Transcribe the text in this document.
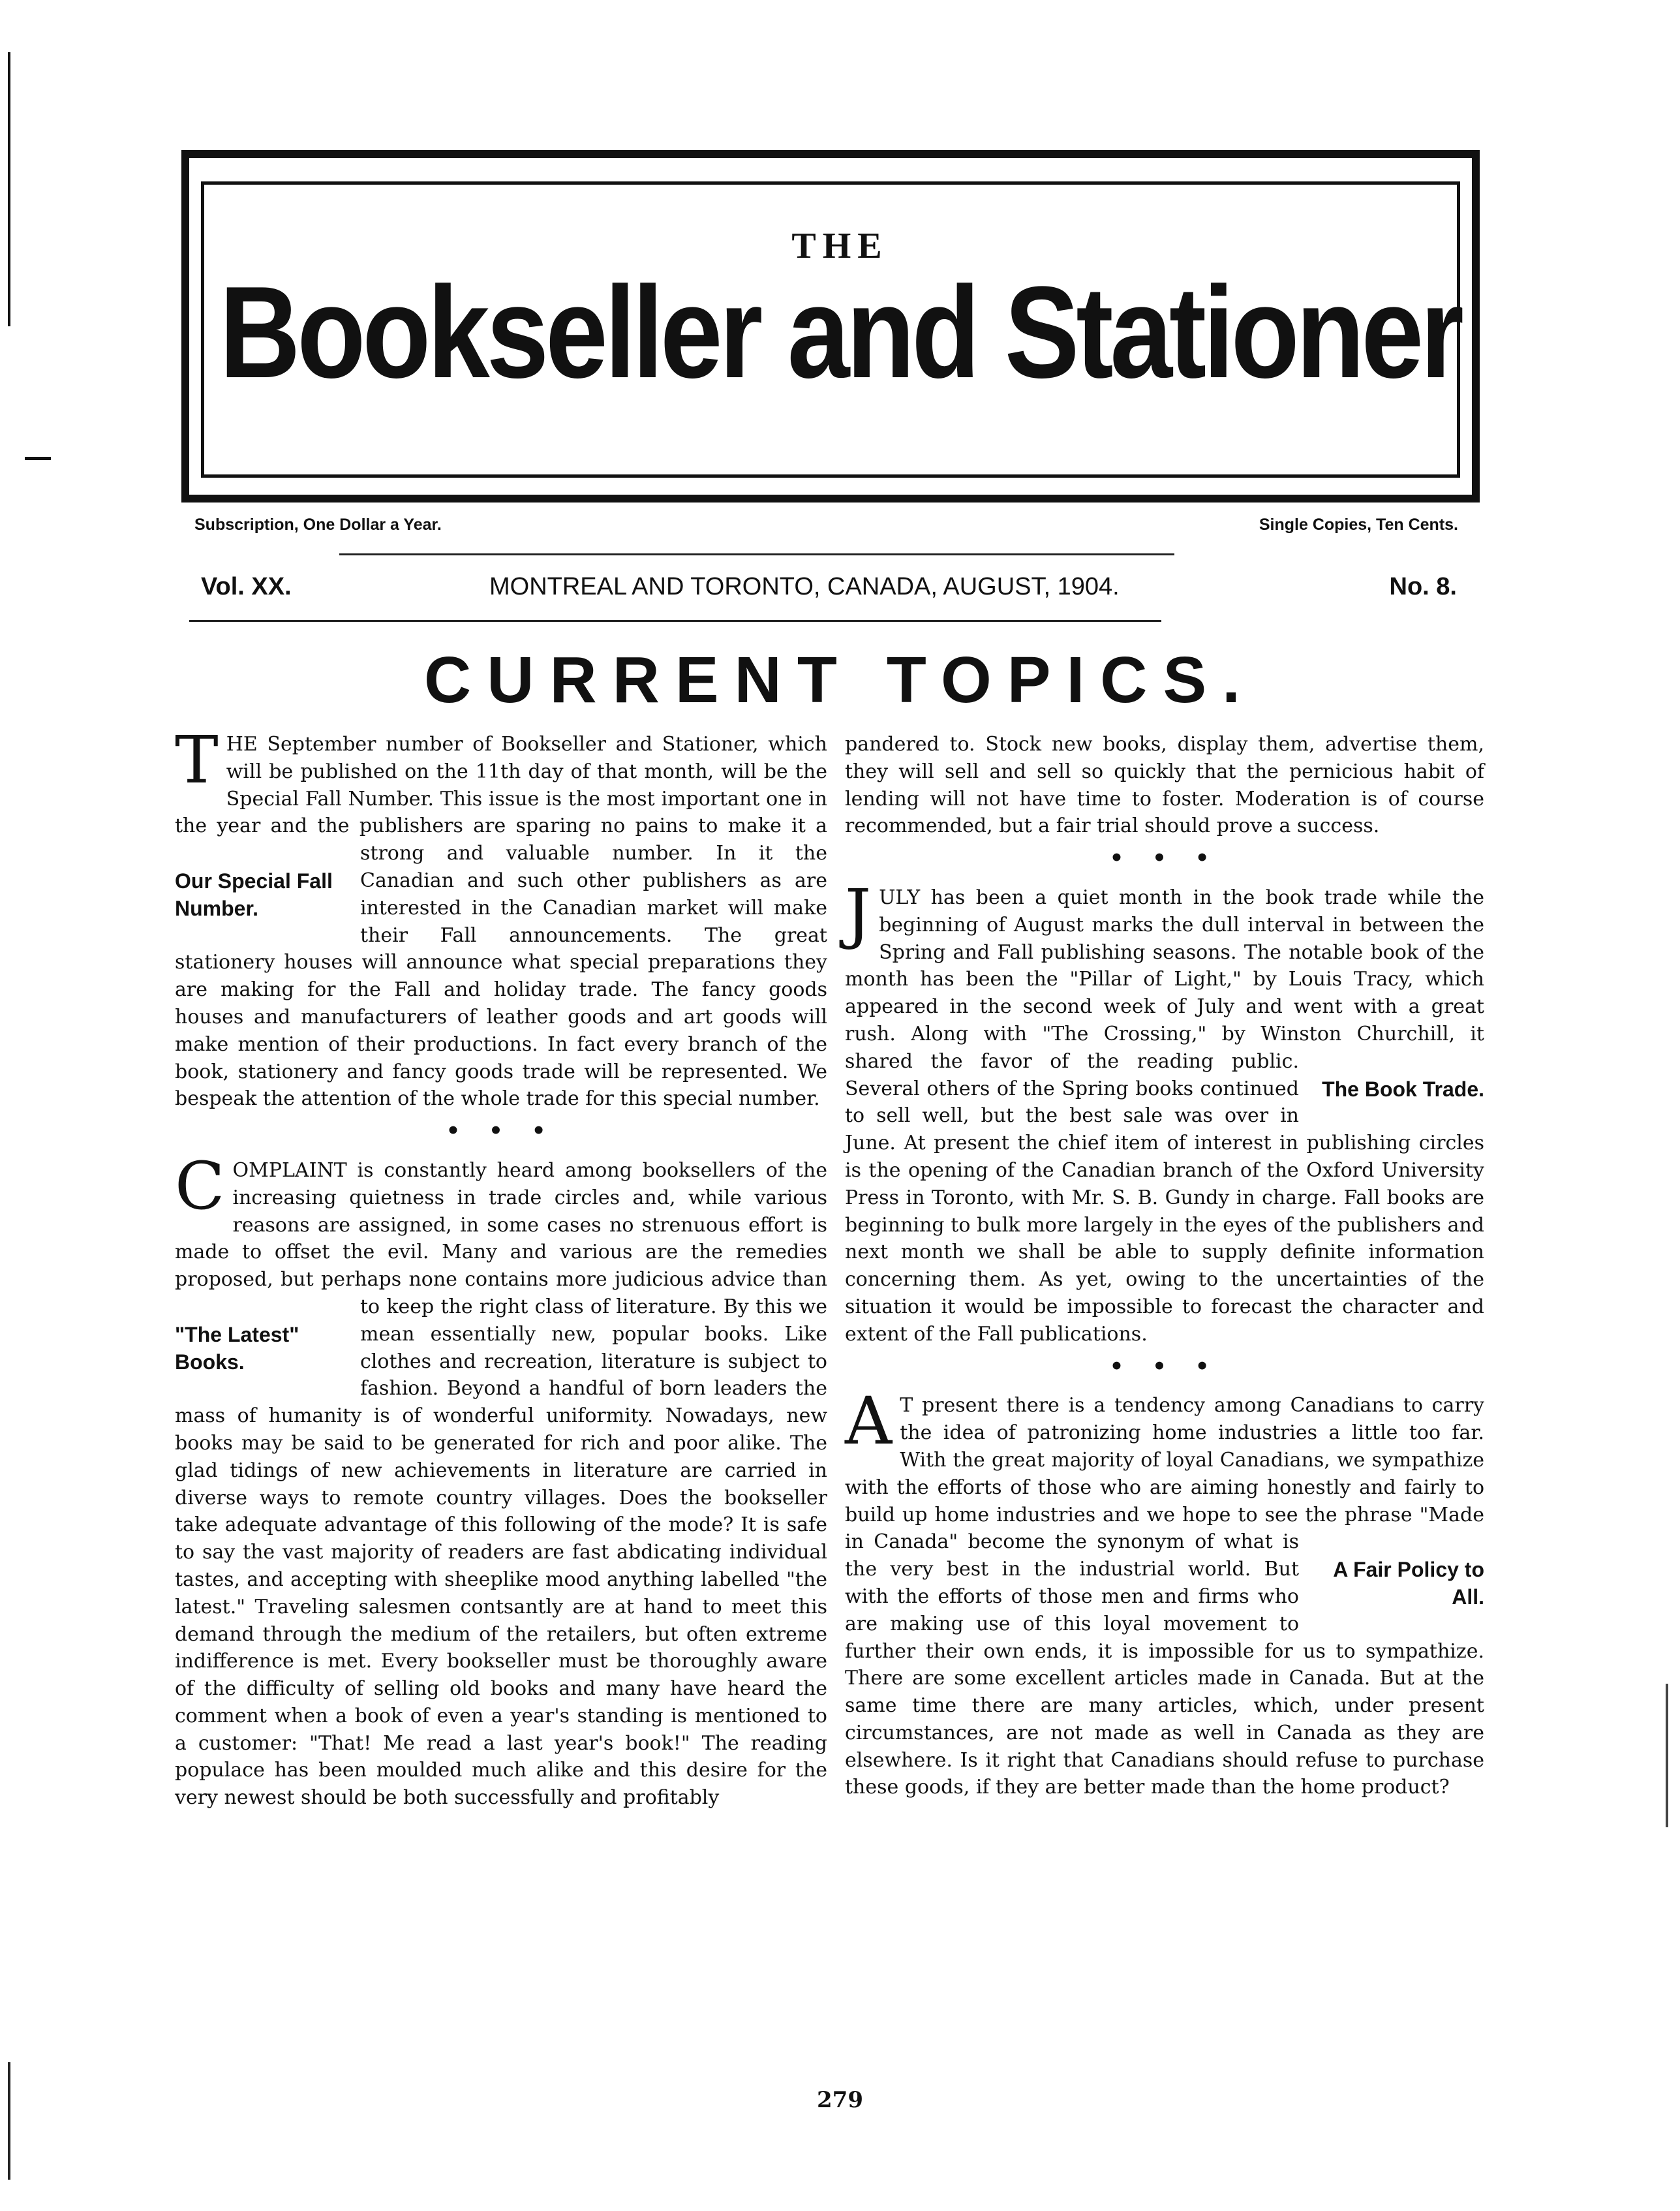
THE
Bookseller and Stationer
Subscription, One Dollar a Year.	Single Copies, Ten Cents.
Vol. XX.	MONTREAL AND TORONTO, CANADA, AUGUST, 1904.	No. 8.
CURRENT TOPICS.

THE September number of Bookseller and Stationer, which will be published on the 11th day of that month, will be the Special Fall Number. This issue is the most important one in the year and the publishers are sparing no pains to make it a strong and valuable number.
Our Special Fall Number.
In it the Canadian and such other publishers as are interested in the Canadian market will make their Fall announcements. The great stationery houses will announce what special preparations they are making for the Fall and holiday trade. The fancy goods houses and manufacturers of leather goods and art goods will make mention of their productions. In fact every branch of the book, stationery and fancy goods trade will be represented. We bespeak the attention of the whole trade for this special number.

• • •

COMPLAINT is constantly heard among booksellers of the increasing quietness in trade circles and, while various reasons are assigned, in some cases no strenuous effort is made to offset the evil. Many and various are the remedies proposed, but perhaps none contains more judicious advice than to keep
"The Latest" Books.
the right class of literature. By this we mean essentially new, popular books. Like clothes and recreation, literature is subject to fashion. Beyond a handful of born leaders the mass of humanity is of wonderful uniformity. Nowadays, new books may be said to be generated for rich and poor alike. The glad tidings of new achievements in literature are carried in diverse ways to remote country villages. Does the bookseller take adequate advantage of this following of the mode? It is safe to say the vast majority of readers are fast abdicating individual tastes, and accepting with sheeplike mood anything labelled "the latest." Traveling salesmen contsantly are at hand to meet this demand through the medium of the retailers, but often extreme indifference is met. Every bookseller must be thoroughly aware of the difficulty of selling old books and many have heard the comment when a book of even a year's standing is mentioned to a customer: "That! Me read a last year's book!" The reading populace has been moulded much alike and this desire for the very newest should be both successfully and profitably

pandered to. Stock new books, display them, advertise them, they will sell and sell so quickly that the pernicious habit of lending will not have time to foster. Moderation is of course recommended, but a fair trial should prove a success.

• • •

JULY has been a quiet month in the book trade while the beginning of August marks the dull interval in between the Spring and Fall publishing seasons. The notable book of the month has been the "Pillar of Light," by Louis Tracy, which appeared in the second week of July and went with a great rush. Along with "The Crossing," by Winston Churchill, it shared the favor of
The Book Trade.
the reading public. Several others of the Spring books continued to sell well, but the best sale was over in June. At present the chief item of interest in publishing circles is the opening of the Canadian branch of the Oxford University Press in Toronto, with Mr. S. B. Gundy in charge. Fall books are beginning to bulk more largely in the eyes of the publishers and next month we shall be able to supply definite information concerning them. As yet, owing to the uncertainties of the situation it would be impossible to forecast the character and extent of the Fall publications.

• • •

A T present there is a tendency among Canadians to carry the idea of patronizing home industries a little too far. With the great majority of loyal Canadians, we sympathize with the efforts of those who are aiming honestly and fairly to build up home industries and we hope to see the phrase "Made in Canada" become the synonym of what is
A Fair Policy to All.
the very best in the industrial world. But with the efforts of those men and firms who are making use of this loyal movement to further their own ends, it is impossible for us to sympathize. There are some excellent articles made in Canada. But at the same time there are many articles, which, under present circumstances, are not made as well in Canada as they are elsewhere. Is it right that Canadians should refuse to purchase these goods, if they are better made than the home product?

279
